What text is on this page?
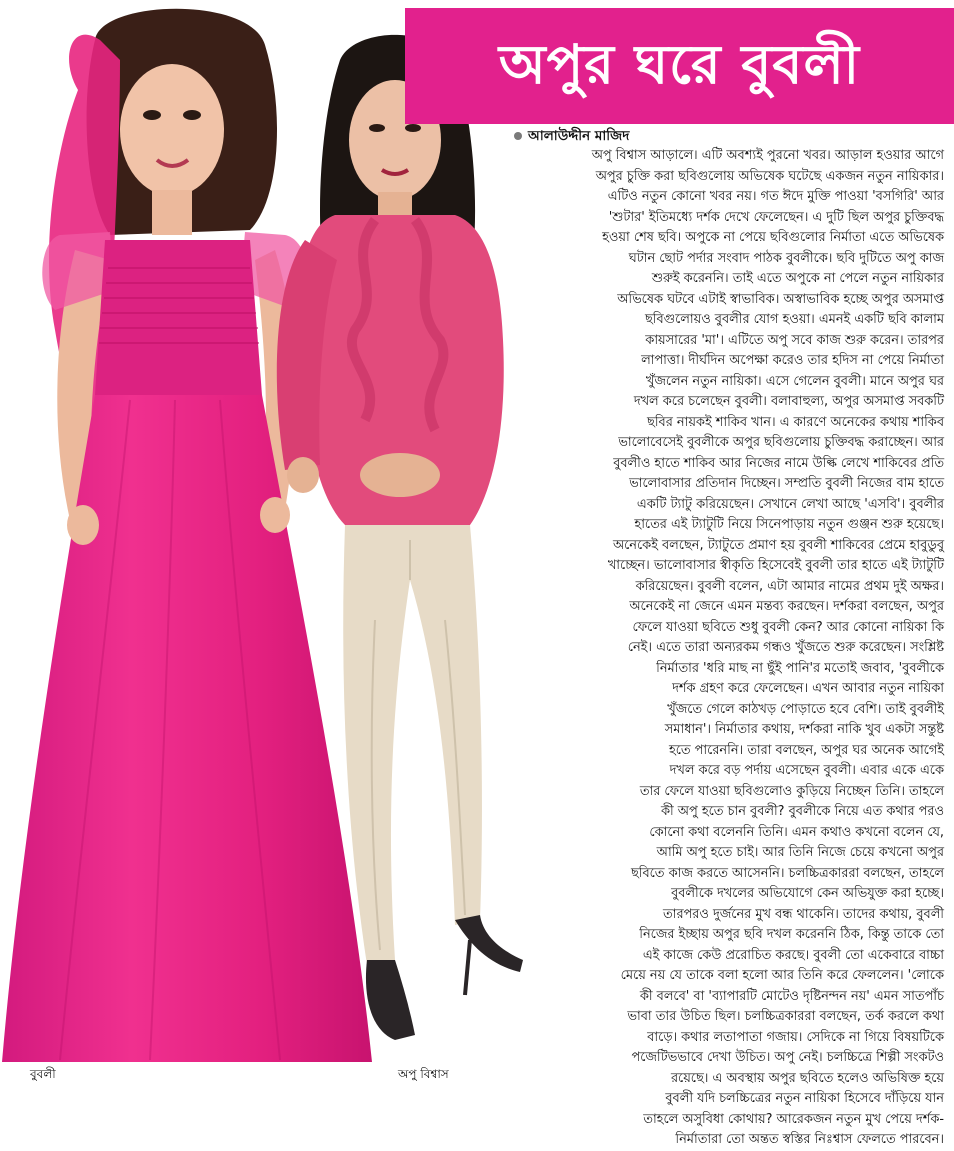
অপুর ঘরে বুবলী
আলাউদ্দীন মাজিদ
অপু বিশ্বাস আড়ালে। এটি অবশ্যই পুরনো খবর। আড়াল হওয়ার আগে
অপুর চুক্তি করা ছবিগুলোয় অভিষেক ঘটেছে একজন নতুন নায়িকার।
এটিও নতুন কোনো খবর নয়। গত ঈদে মুক্তি পাওয়া 'বসগিরি' আর
'শুটার' ইতিমধ্যে দর্শক দেখে ফেলেছেন। এ দুটি ছিল অপুর চুক্তিবদ্ধ
হওয়া শেষ ছবি। অপুকে না পেয়ে ছবিগুলোর নির্মাতা এতে অভিষেক
ঘটান ছোট পর্দার সংবাদ পাঠক বুবলীকে। ছবি দুটিতে অপু কাজ
শুরুই করেননি। তাই এতে অপুকে না পেলে নতুন নায়িকার
অভিষেক ঘটবে এটাই স্বাভাবিক। অস্বাভাবিক হচ্ছে অপুর অসমাপ্ত
ছবিগুলোয়ও বুবলীর যোগ হওয়া। এমনই একটি ছবি কালাম
কায়সারের 'মা'। এটিতে অপু সবে কাজ শুরু করেন। তারপর
লাপাত্তা। দীর্ঘদিন অপেক্ষা করেও তার হদিস না পেয়ে নির্মাতা
খুঁজলেন নতুন নায়িকা। এসে গেলেন বুবলী। মানে অপুর ঘর
দখল করে চলেছেন বুবলী। বলাবাহুল্য, অপুর অসমাপ্ত সবকটি
ছবির নায়কই শাকিব খান। এ কারণে অনেকের কথায় শাকিব
ভালোবেসেই বুবলীকে অপুর ছবিগুলোয় চুক্তিবদ্ধ করাচ্ছেন। আর
বুবলীও হাতে শাকিব আর নিজের নামে উল্কি লেখে শাকিবের প্রতি
ভালোবাসার প্রতিদান দিচ্ছেন। সম্প্রতি বুবলী নিজের বাম হাতে
একটি ট্যাটু করিয়েছেন। সেখানে লেখা আছে 'এসবি'। বুবলীর
হাতের এই ট্যাটুটি নিয়ে সিনেপাড়ায় নতুন গুঞ্জন শুরু হয়েছে।
অনেকেই বলছেন, ট্যাটুতে প্রমাণ হয় বুবলী শাকিবের প্রেমে হাবুডুবু
খাচ্ছেন। ভালোবাসার স্বীকৃতি হিসেবেই বুবলী তার হাতে এই ট্যাটুটি
করিয়েছেন। বুবলী বলেন, এটা আমার নামের প্রথম দুই অক্ষর।
অনেকেই না জেনে এমন মন্তব্য করছেন। দর্শকরা বলছেন, অপুর
ফেলে যাওয়া ছবিতে শুধু বুবলী কেন? আর কোনো নায়িকা কি
নেই। এতে তারা অন্যরকম গন্ধও খুঁজতে শুরু করেছেন। সংশ্লিষ্ট
নির্মাতার 'ধরি মাছ না ছুঁই পানি'র মতোই জবাব, 'বুবলীকে
দর্শক গ্রহণ করে ফেলেছেন। এখন আবার নতুন নায়িকা
খুঁজতে গেলে কাঠখড় পোড়াতে হবে বেশি। তাই বুবলীই
সমাধান'। নির্মাতার কথায়, দর্শকরা নাকি খুব একটা সন্তুষ্ট
হতে পারেননি। তারা বলছেন, অপুর ঘর অনেক আগেই
দখল করে বড় পর্দায় এসেছেন বুবলী। এবার একে একে
তার ফেলে যাওয়া ছবিগুলোও কুড়িয়ে নিচ্ছেন তিনি। তাহলে
কী অপু হতে চান বুবলী? বুবলীকে নিয়ে এত কথার পরও
কোনো কথা বলেননি তিনি। এমন কথাও কখনো বলেন যে,
আমি অপু হতে চাই। আর তিনি নিজে চেয়ে কখনো অপুর
ছবিতে কাজ করতে আসেননি। চলচ্চিত্রকাররা বলছেন, তাহলে
বুবলীকে দখলের অভিযোগে কেন অভিযুক্ত করা হচ্ছে।
তারপরও দুর্জনের মুখ বন্ধ থাকেনি। তাদের কথায়, বুবলী
নিজের ইচ্ছায় অপুর ছবি দখল করেননি ঠিক, কিন্তু তাকে তো
এই কাজে কেউ প্ররোচিত করছে। বুবলী তো একেবারে বাচ্চা
মেয়ে নয় যে তাকে বলা হলো আর তিনি করে ফেললেন। 'লোকে
কী বলবে' বা 'ব্যাপারটি মোটেও দৃষ্টিনন্দন নয়' এমন সাতপাঁচ
ভাবা তার উচিত ছিল। চলচ্চিত্রকাররা বলছেন, তর্ক করলে কথা
বাড়ে। কথার লতাপাতা গজায়। সেদিকে না গিয়ে বিষয়টিকে
পজেটিভভাবে দেখা উচিত। অপু নেই। চলচ্চিত্রে শিল্পী সংকটও
রয়েছে। এ অবস্থায় অপুর ছবিতে হলেও অভিষিক্ত হয়ে
বুবলী যদি চলচ্চিত্রের নতুন নায়িকা হিসেবে দাঁড়িয়ে যান
তাহলে অসুবিধা কোথায়? আরেকজন নতুন মুখ পেয়ে দর্শক-
নির্মাতারা তো অন্তত স্বস্তির নিঃশ্বাস ফেলতে পারবেন।
বুবলী	অপু বিশ্বাস
